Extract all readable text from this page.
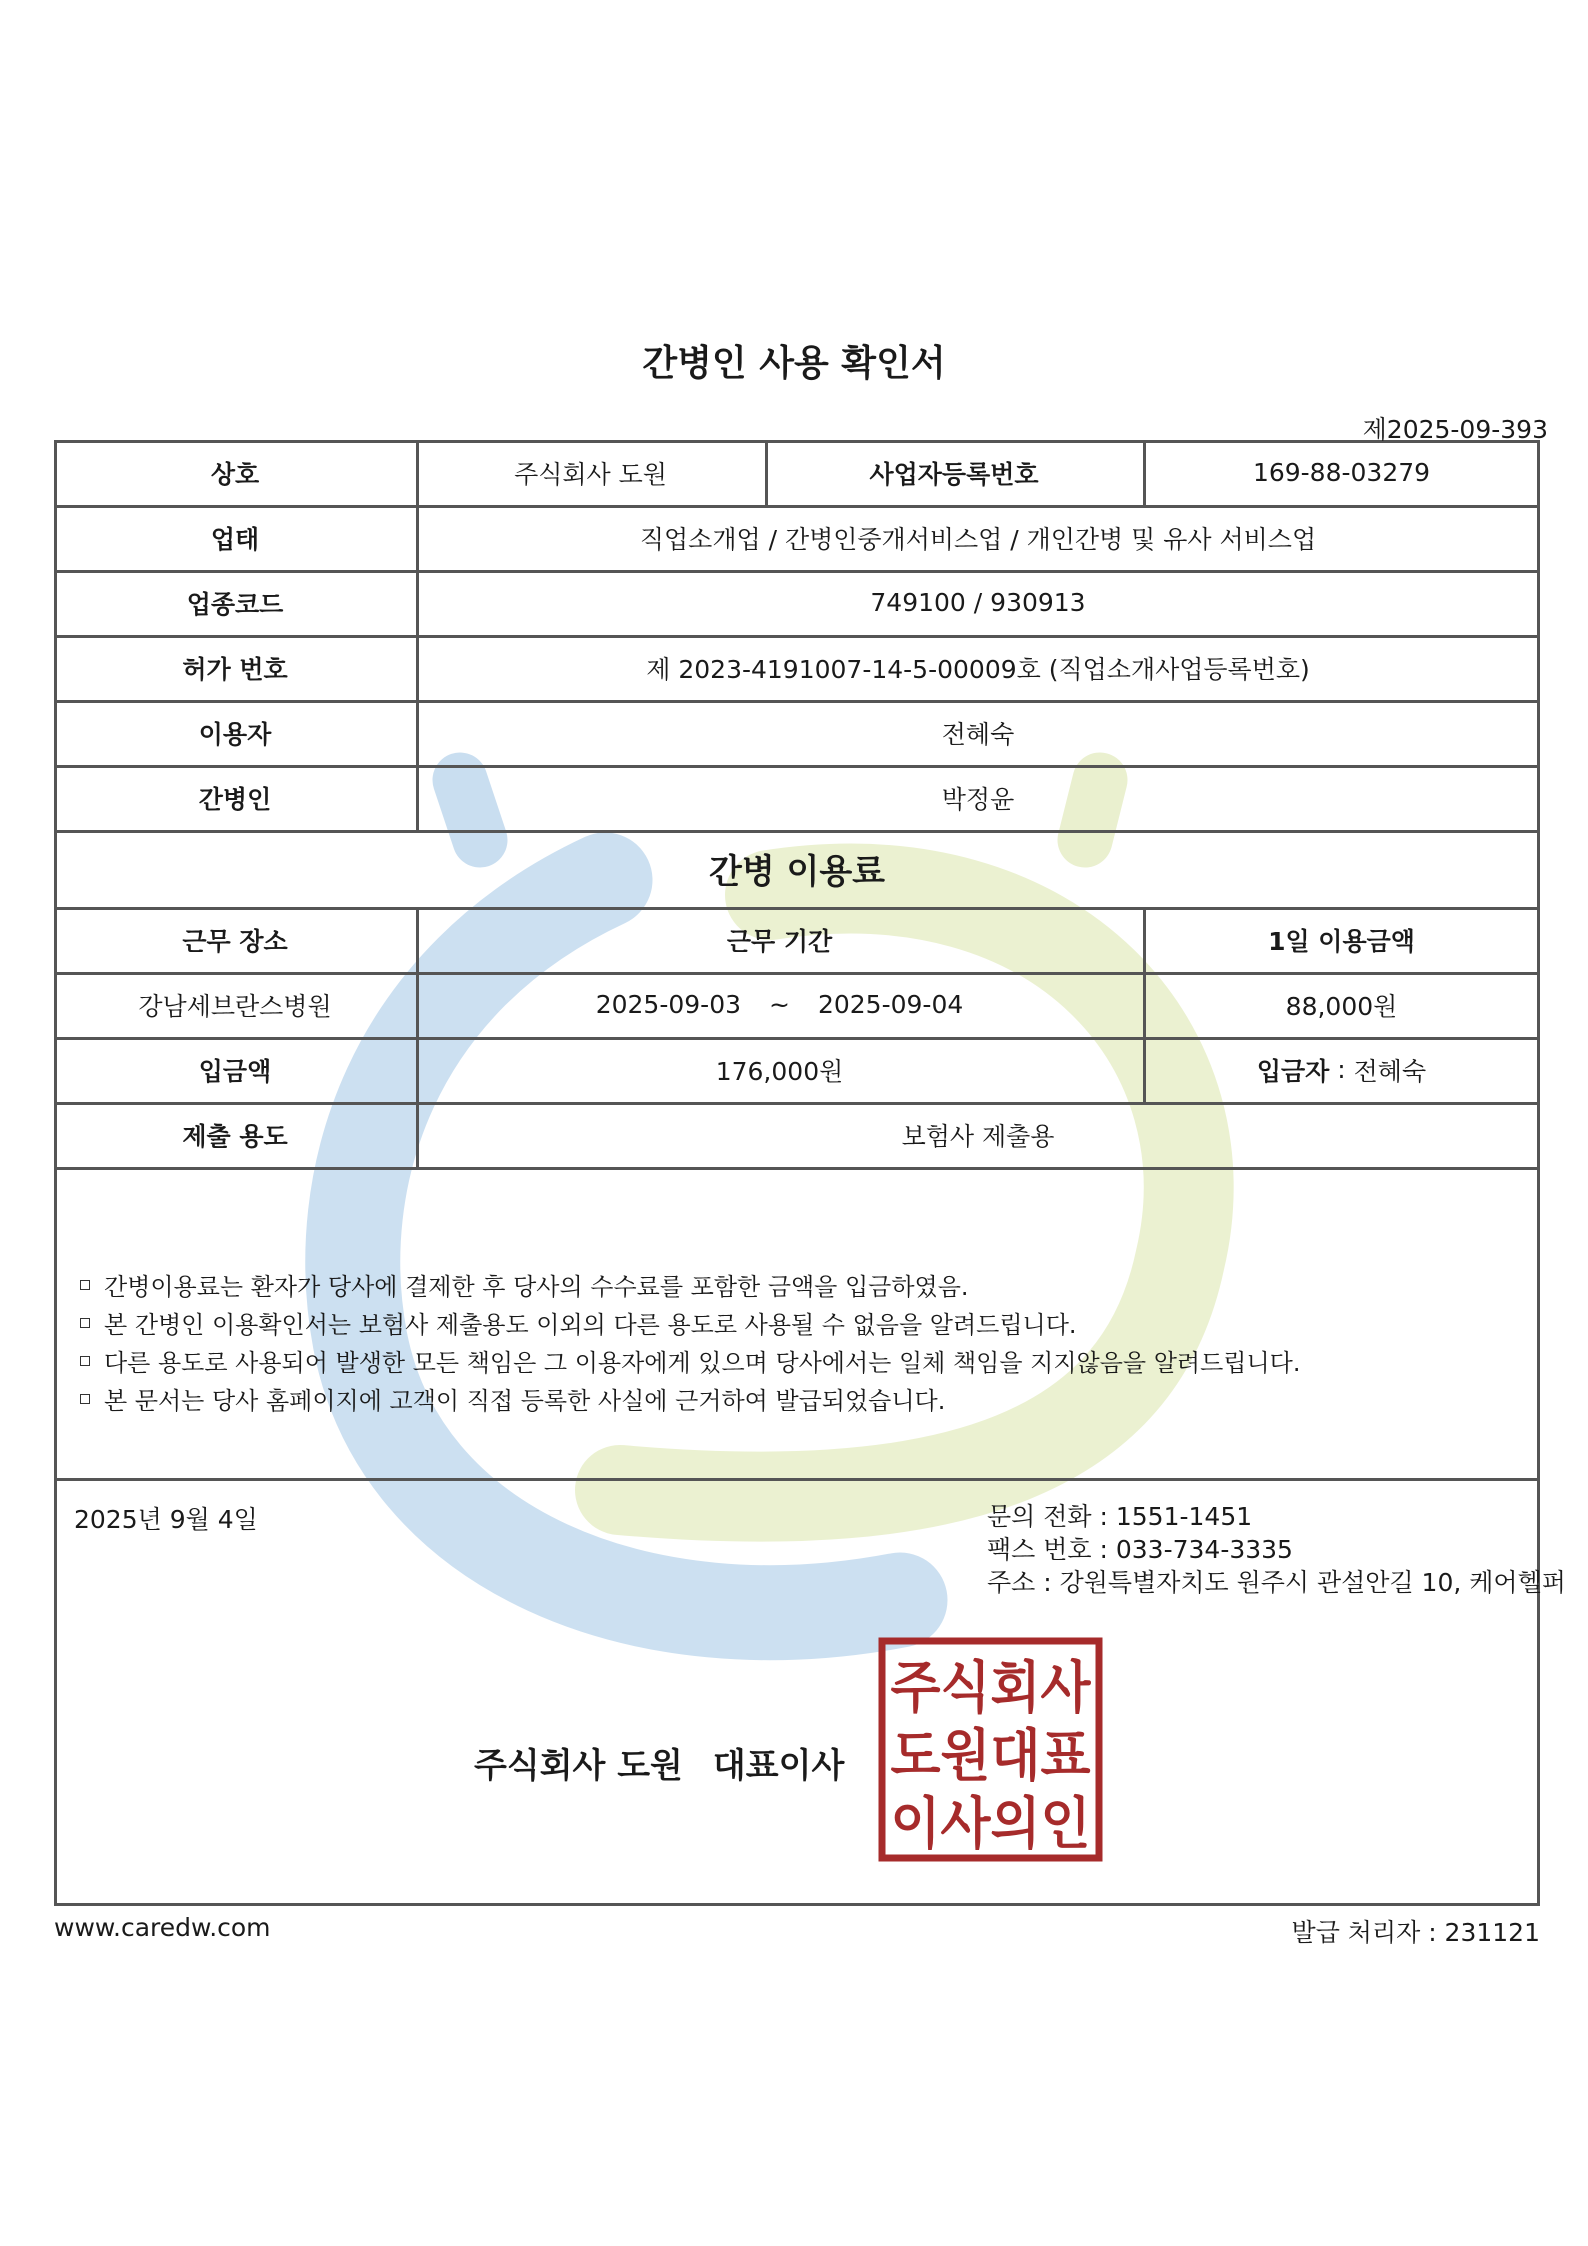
간병인 사용 확인서
제2025-09-393
상호	주식회사 도원	사업자등록번호	169-88-03279
업태	직업소개업 / 간병인중개서비스업 / 개인간병 및 유사 서비스업
업종코드	749100 / 930913
허가 번호	제 2023-4191007-14-5-00009호 (직업소개사업등록번호)
이용자	전혜숙
간병인	박정윤
간병 이용료
근무 장소	근무 기간	1일 이용금액
강남세브란스병원	2025-09-03 ~ 2025-09-04	88,000원
입금액	176,000원	입금자 : 전혜숙
제출 용도	보험사 제출용
간병이용료는 환자가 당사에 결제한 후 당사의 수수료를 포함한 금액을 입금하였음.
본 간병인 이용확인서는 보험사 제출용도 이외의 다른 용도로 사용될 수 없음을 알려드립니다.
다른 용도로 사용되어 발생한 모든 책임은 그 이용자에게 있으며 당사에서는 일체 책임을 지지않음을 알려드립니다.
본 문서는 당사 홈페이지에 고객이 직접 등록한 사실에 근거하여 발급되었습니다.
2025년 9월 4일	문의 전화 : 1551-1451
팩스 번호 : 033-734-3335
주소 : 강원특별자치도 원주시 관설안길 10, 케어헬퍼
주식회사 도원 대표이사
주식회사
도원대표
이사의인
www.caredw.com	발급 처리자 : 231121
